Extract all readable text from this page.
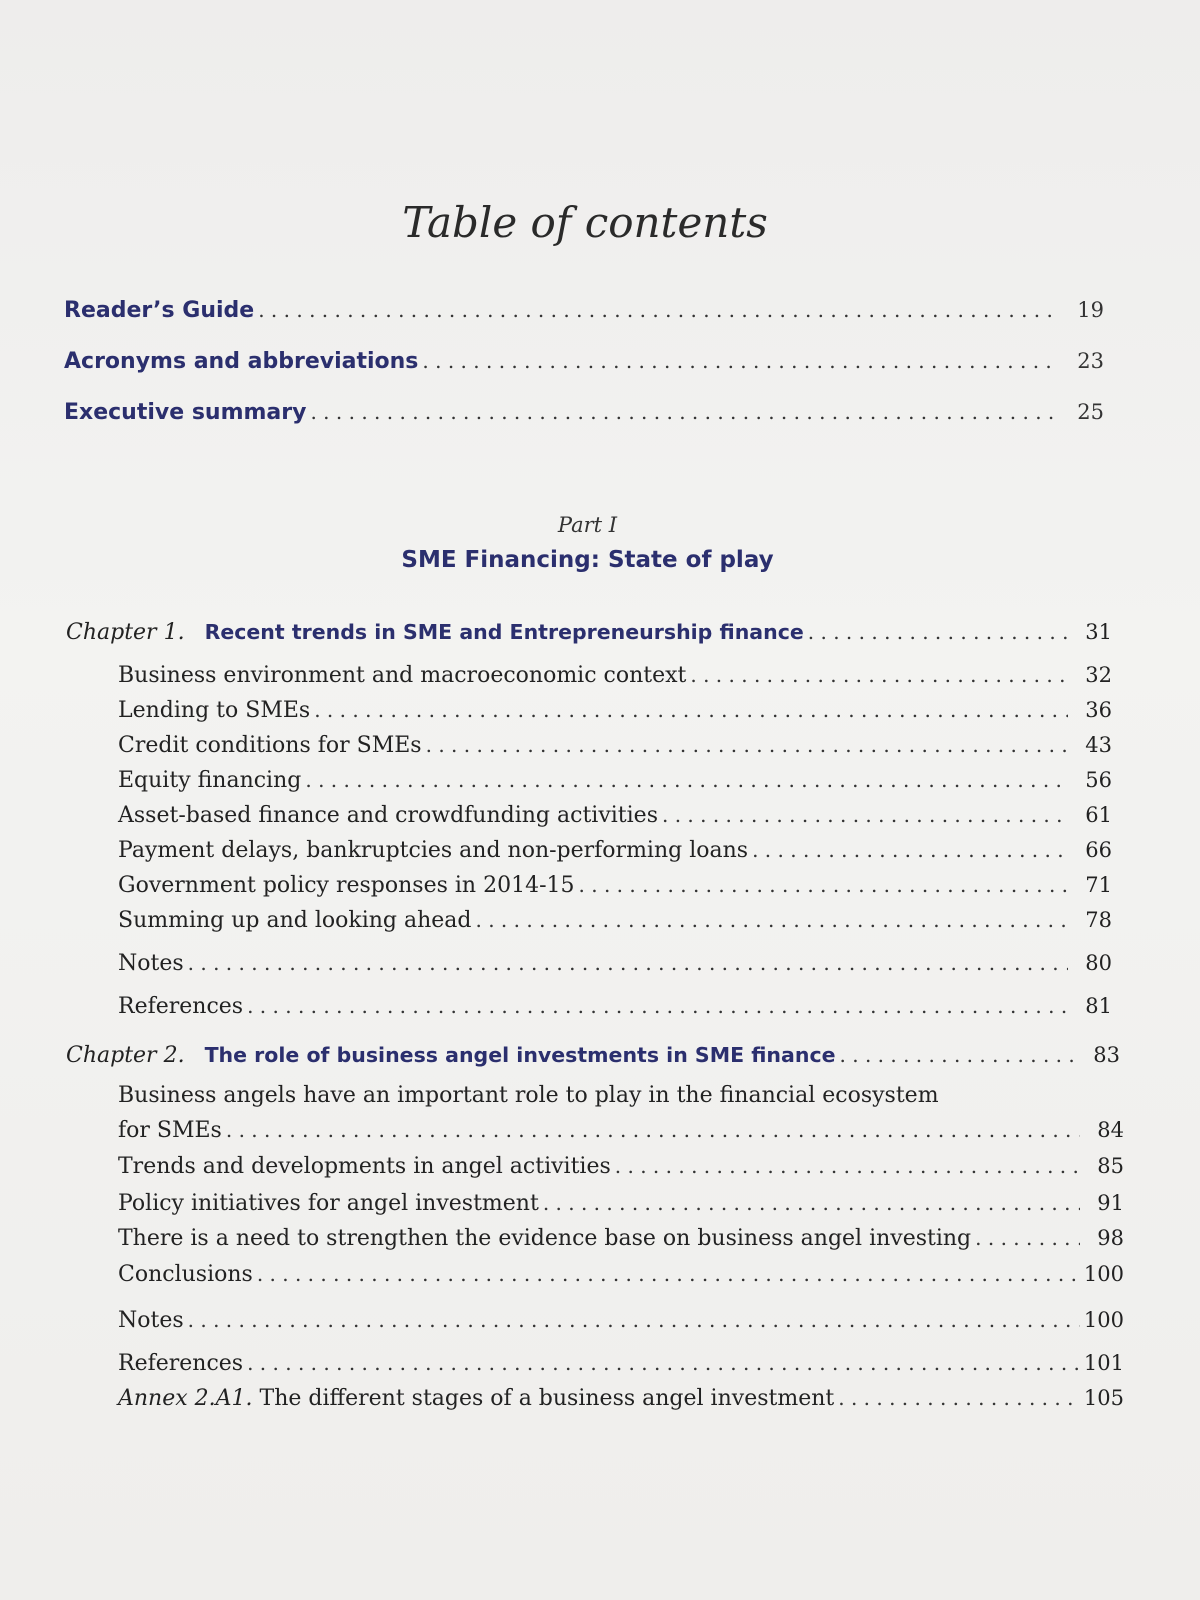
Table of contents
Reader’s Guide . . .	19
Acronyms and abbreviations . . .	23
Executive summary . . .	25
Part I
SME Financing: State of play
Chapter 1. Recent trends in SME and Entrepreneurship finance . . .	31
Business environment and macroeconomic context . . .	32
Lending to SMEs . . .	36
Credit conditions for SMEs . . .	43
Equity financing . . .	56
Asset-based finance and crowdfunding activities . . .	61
Payment delays, bankruptcies and non-performing loans . . .	66
Government policy responses in 2014-15 . . .	71
Summing up and looking ahead . . .	78
Notes . . .	80
References . . .	81
Chapter 2. The role of business angel investments in SME finance . . .	83
Business angels have an important role to play in the financial ecosystem
for SMEs . . .	84
Trends and developments in angel activities . . .	85
Policy initiatives for angel investment . . .	91
There is a need to strengthen the evidence base on business angel investing . . .	98
Conclusions . . .	100
Notes . . .	100
References . . .	101
Annex 2.A1. The different stages of a business angel investment . . .	105
